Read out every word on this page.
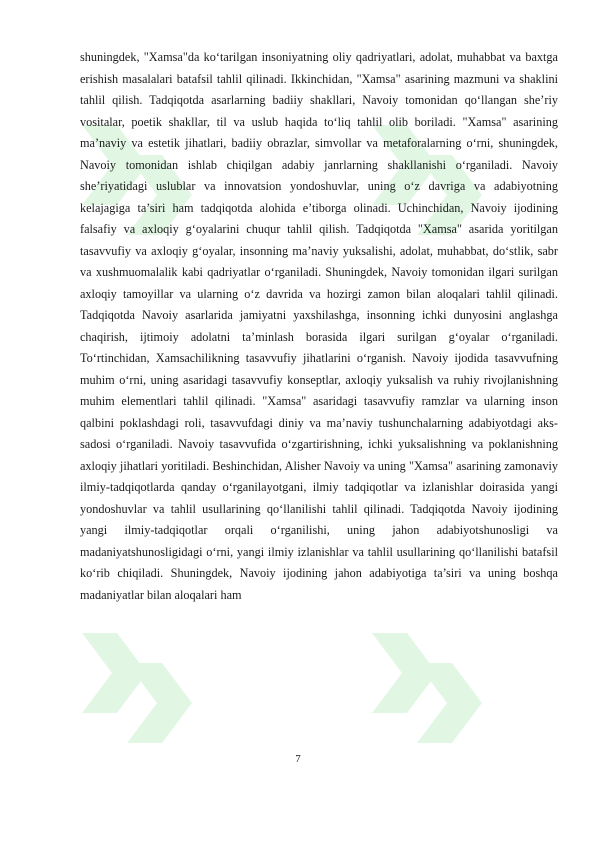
shuningdek, "Xamsa"da ko‘tarilgan insoniyatning oliy qadriyatlari, adolat, muhabbat va baxtga erishish masalalari batafsil tahlil qilinadi. Ikkinchidan, "Xamsa" asarining mazmuni va shaklini tahlil qilish. Tadqiqotda asarlarning badiiy shakllari, Navoiy tomonidan qo‘llangan she’riy vositalar, poetik shakllar, til va uslub haqida to‘liq tahlil olib boriladi. "Xamsa" asarining ma’naviy va estetik jihatlari, badiiy obrazlar, simvollar va metaforalarning o‘rni, shuningdek, Navoiy tomonidan ishlab chiqilgan adabiy janrlarning shakllanishi o‘rganiladi. Navoiy she’riyatidagi uslublar va innovatsion yondoshuvlar, uning o‘z davriga va adabiyotning kelajagiga ta’siri ham tadqiqotda alohida e’tiborga olinadi. Uchinchidan, Navoiy ijodining falsafiy va axloqiy g‘oyalarini chuqur tahlil qilish. Tadqiqotda "Xamsa" asarida yoritilgan tasavvufiy va axloqiy g‘oyalar, insonning ma’naviy yuksalishi, adolat, muhabbat, do‘stlik, sabr va xushmuomalalik kabi qadriyatlar o‘rganiladi. Shuningdek, Navoiy tomonidan ilgari surilgan axloqiy tamoyillar va ularning o‘z davrida va hozirgi zamon bilan aloqalari tahlil qilinadi. Tadqiqotda Navoiy asarlarida jamiyatni yaxshilashga, insonning ichki dunyosini anglashga chaqirish, ijtimoiy adolatni ta’minlash borasida ilgari surilgan g‘oyalar o‘rganiladi. To‘rtinchidan, Xamsachilikning tasavvufiy jihatlarini o‘rganish. Navoiy ijodida tasavvufning muhim o‘rni, uning asaridagi tasavvufiy konseptlar, axloqiy yuksalish va ruhiy rivojlanishning muhim elementlari tahlil qilinadi. "Xamsa" asaridagi tasavvufiy ramzlar va ularning inson qalbini poklashdagi roli, tasavvufdagi diniy va ma’naviy tushunchalarning adabiyotdagi aks-sadosi o‘rganiladi. Navoiy tasavvufida o‘zgartirishning, ichki yuksalishning va poklanishning axloqiy jihatlari yoritiladi. Beshinchidan, Alisher Navoiy va uning "Xamsa" asarining zamonaviy ilmiy-tadqiqotlarda qanday o‘rganilayotgani, ilmiy tadqiqotlar va izlanishlar doirasida yangi yondoshuvlar va tahlil usullarining qo‘llanilishi tahlil qilinadi. Tadqiqotda Navoiy ijodining yangi ilmiy-tadqiqotlar orqali o‘rganilishi, uning jahon adabiyotshunosligi va madaniyatshunosligidagi o‘rni, yangi ilmiy izlanishlar va tahlil usullarining qo‘llanilishi batafsil ko‘rib chiqiladi. Shuningdek, Navoiy ijodining jahon adabiyotiga ta’siri va uning boshqa madaniyatlar bilan aloqalari ham

7
